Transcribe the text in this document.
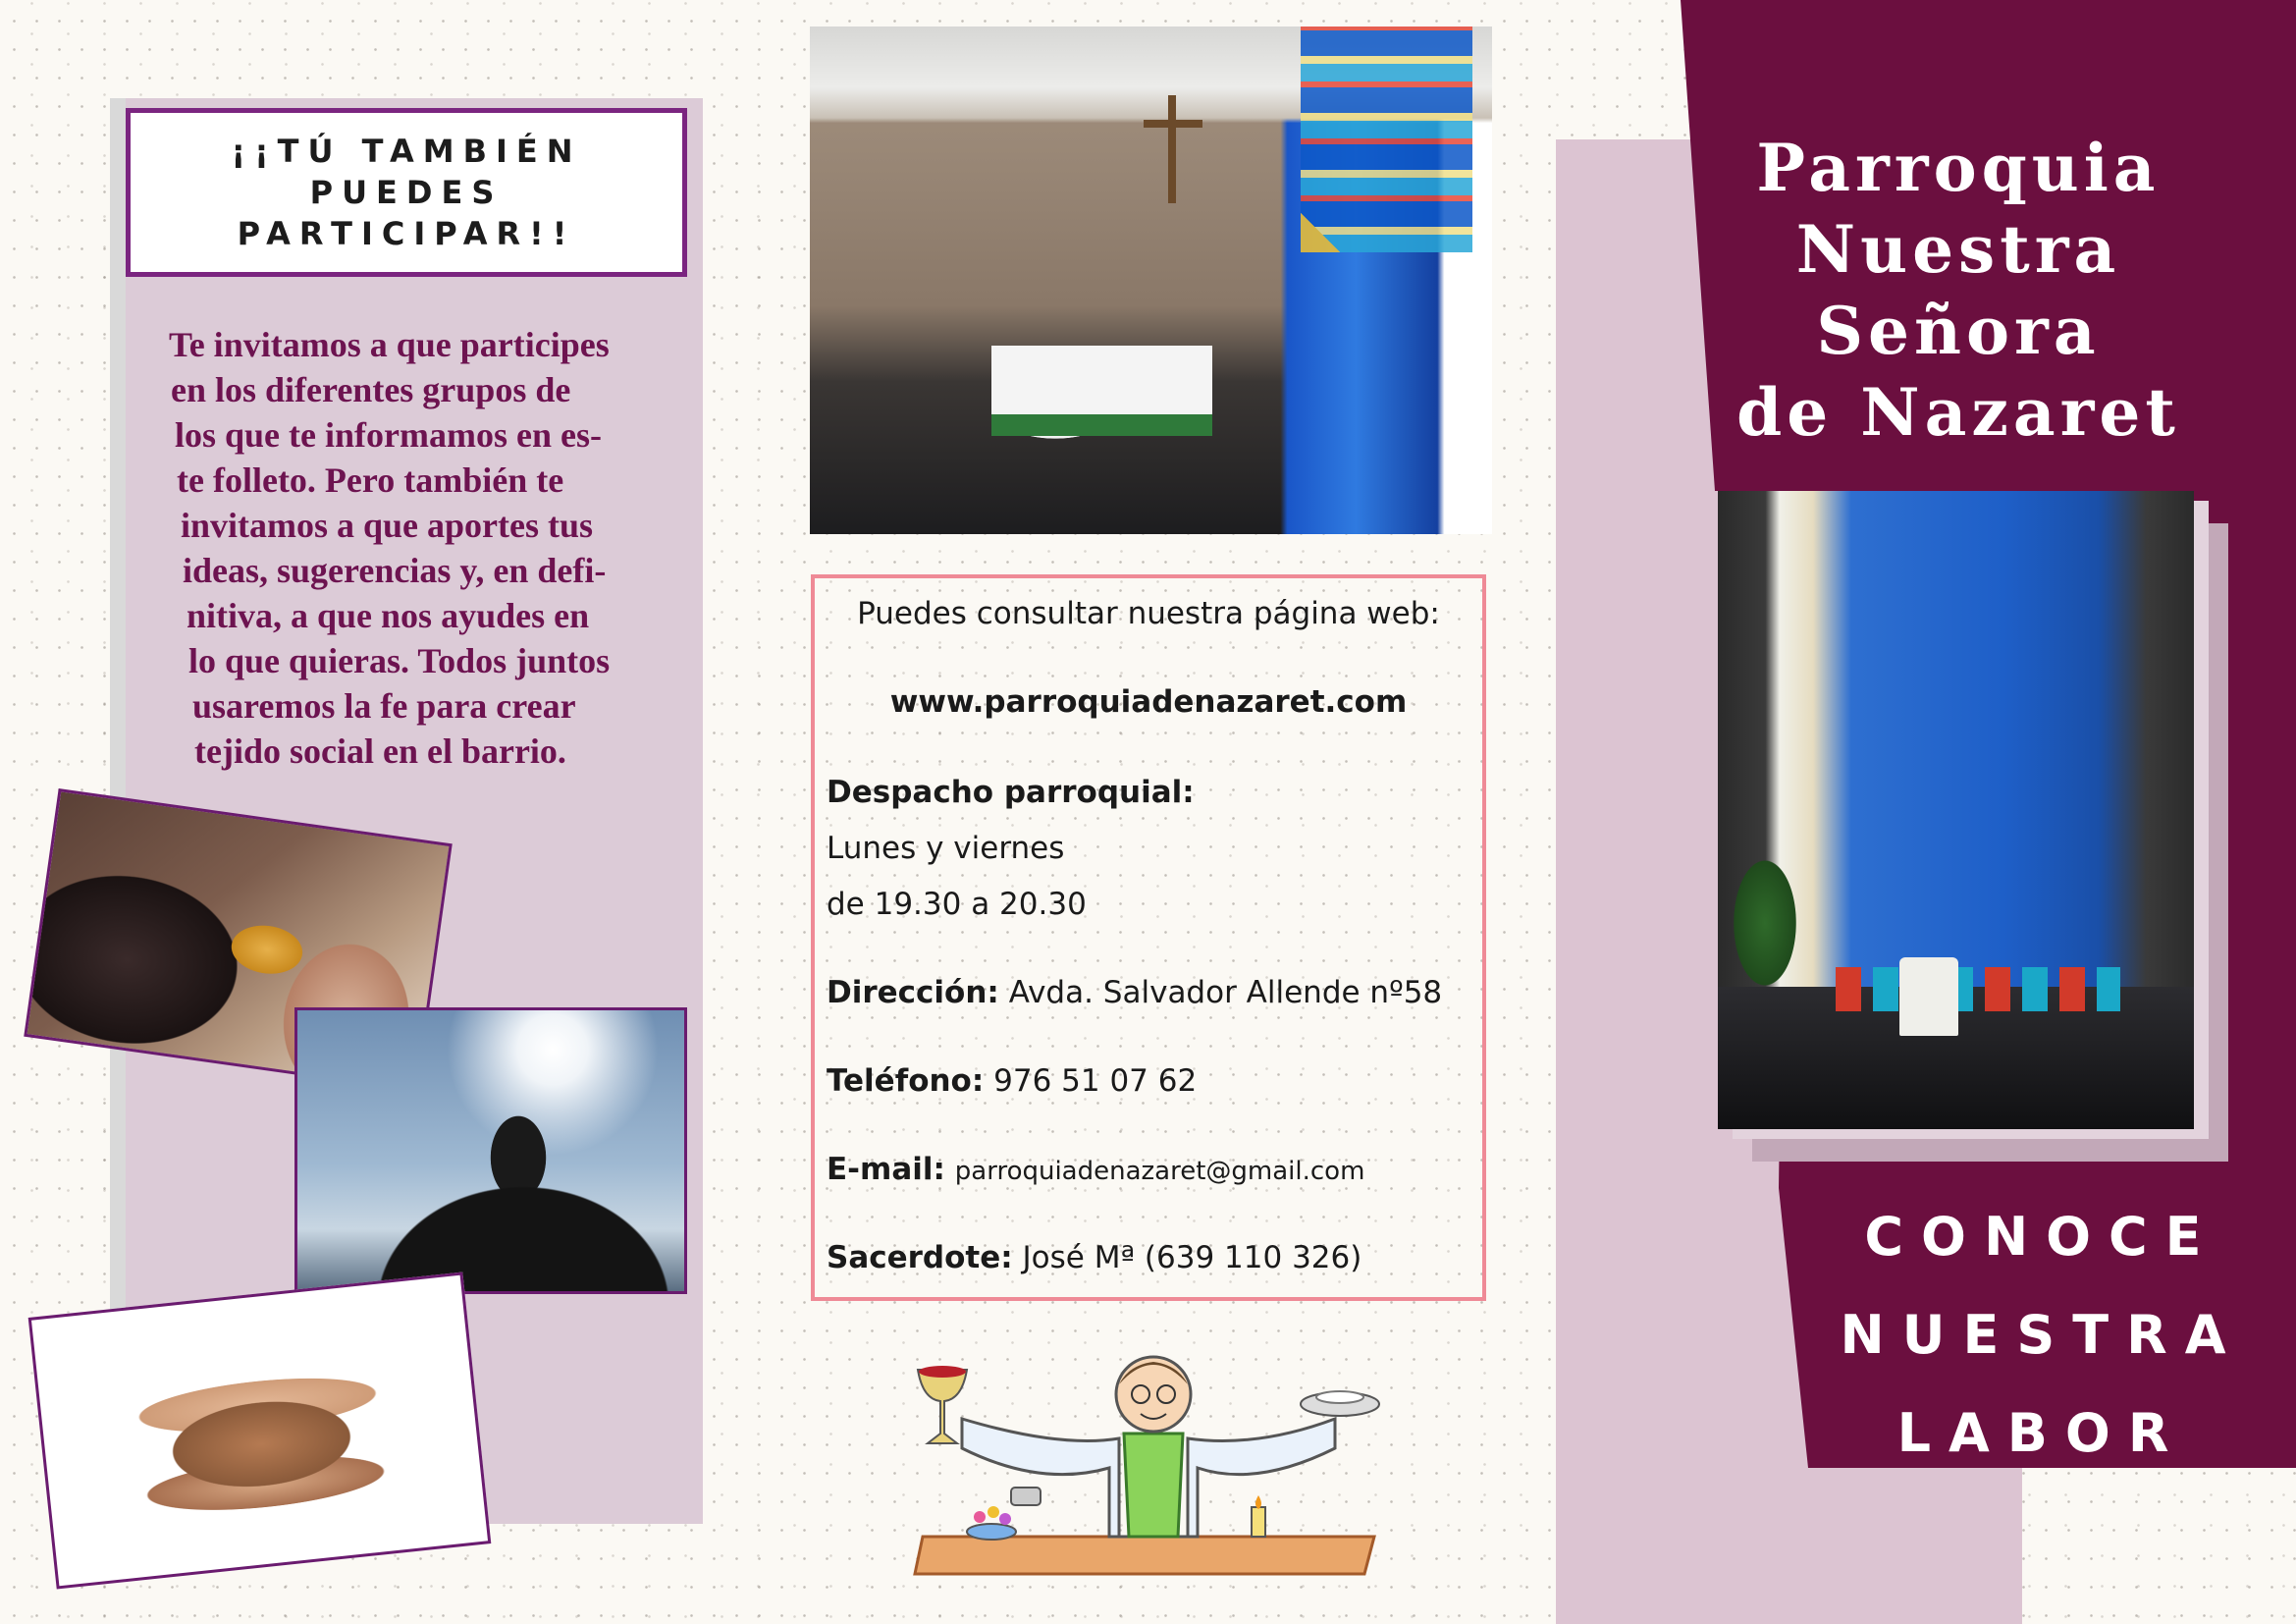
¡¡TÚ TAMBIÉN PUEDES PARTICIPAR!!
Te invitamos a que participes
en los diferentes grupos de
los que te informamos en es-
te folleto. Pero también te
invitamos a que aportes tus
ideas, sugerencias y, en defi-
nitiva, a que nos ayudes en
lo que quieras. Todos juntos
usaremos la fe para crear
tejido social en el barrio.
Puedes consultar nuestra página web:
www.parroquiadenazaret.com
Despacho parroquial:
Lunes y viernes
de 19.30 a 20.30
Dirección: Avda. Salvador Allende nº58
Teléfono: 976 51 07 62
E-mail: parroquiadenazaret@gmail.com
Sacerdote: José Mª (639 110 326)
Parroquia
Nuestra
Señora
de Nazaret
CONOCE
NUESTRA
LABOR
